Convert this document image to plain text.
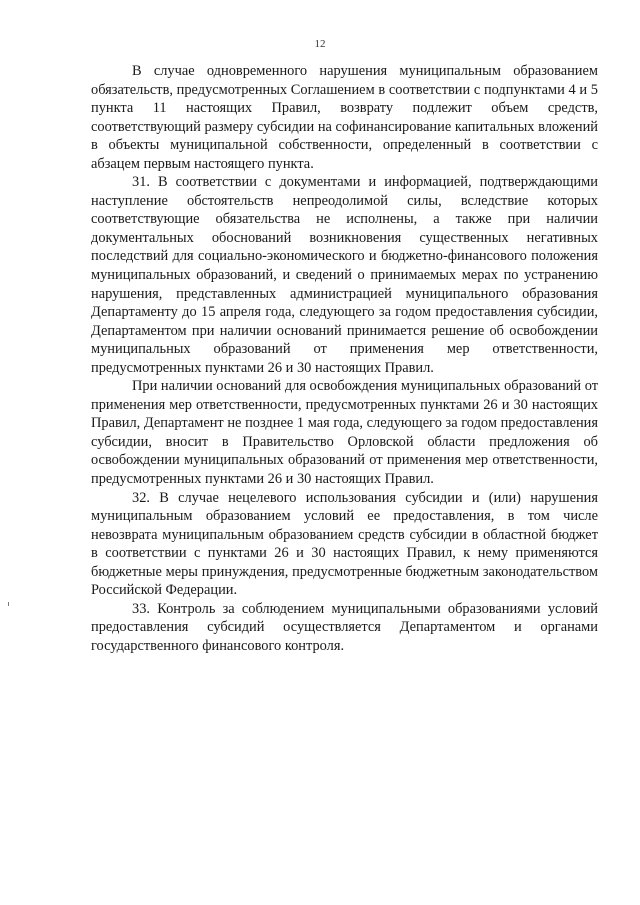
12

В случае одновременного нарушения муниципальным образованием обязательств, предусмотренных Соглашением в соответствии с подпунктами 4 и 5 пункта 11 настоящих Правил, возврату подлежит объем средств, соответствующий размеру субсидии на софинансирование капитальных вложений в объекты муниципальной собственности, определенный в соответствии с абзацем первым настоящего пункта.

31. В соответствии с документами и информацией, подтверждающими наступление обстоятельств непреодолимой силы, вследствие которых соответствующие обязательства не исполнены, а также при наличии документальных обоснований возникновения существенных негативных последствий для социально-экономического и бюджетно-финансового положения муниципальных образований, и сведений о принимаемых мерах по устранению нарушения, представленных администрацией муниципального образования Департаменту до 15 апреля года, следующего за годом предоставления субсидии, Департаментом при наличии оснований принимается решение об освобождении муниципальных образований от применения мер ответственности, предусмотренных пунктами 26 и 30 настоящих Правил.

При наличии оснований для освобождения муниципальных образований от применения мер ответственности, предусмотренных пунктами 26 и 30 настоящих Правил, Департамент не позднее 1 мая года, следующего за годом предоставления субсидии, вносит в Правительство Орловской области предложения об освобождении муниципальных образований от применения мер ответственности, предусмотренных пунктами 26 и 30 настоящих Правил.

32. В случае нецелевого использования субсидии и (или) нарушения муниципальным образованием условий ее предоставления, в том числе невозврата муниципальным образованием средств субсидии в областной бюджет в соответствии с пунктами 26 и 30 настоящих Правил, к нему применяются бюджетные меры принуждения, предусмотренные бюджетным законодательством Российской Федерации.

33. Контроль за соблюдением муниципальными образованиями условий предоставления субсидий осуществляется Департаментом и органами государственного финансового контроля.
